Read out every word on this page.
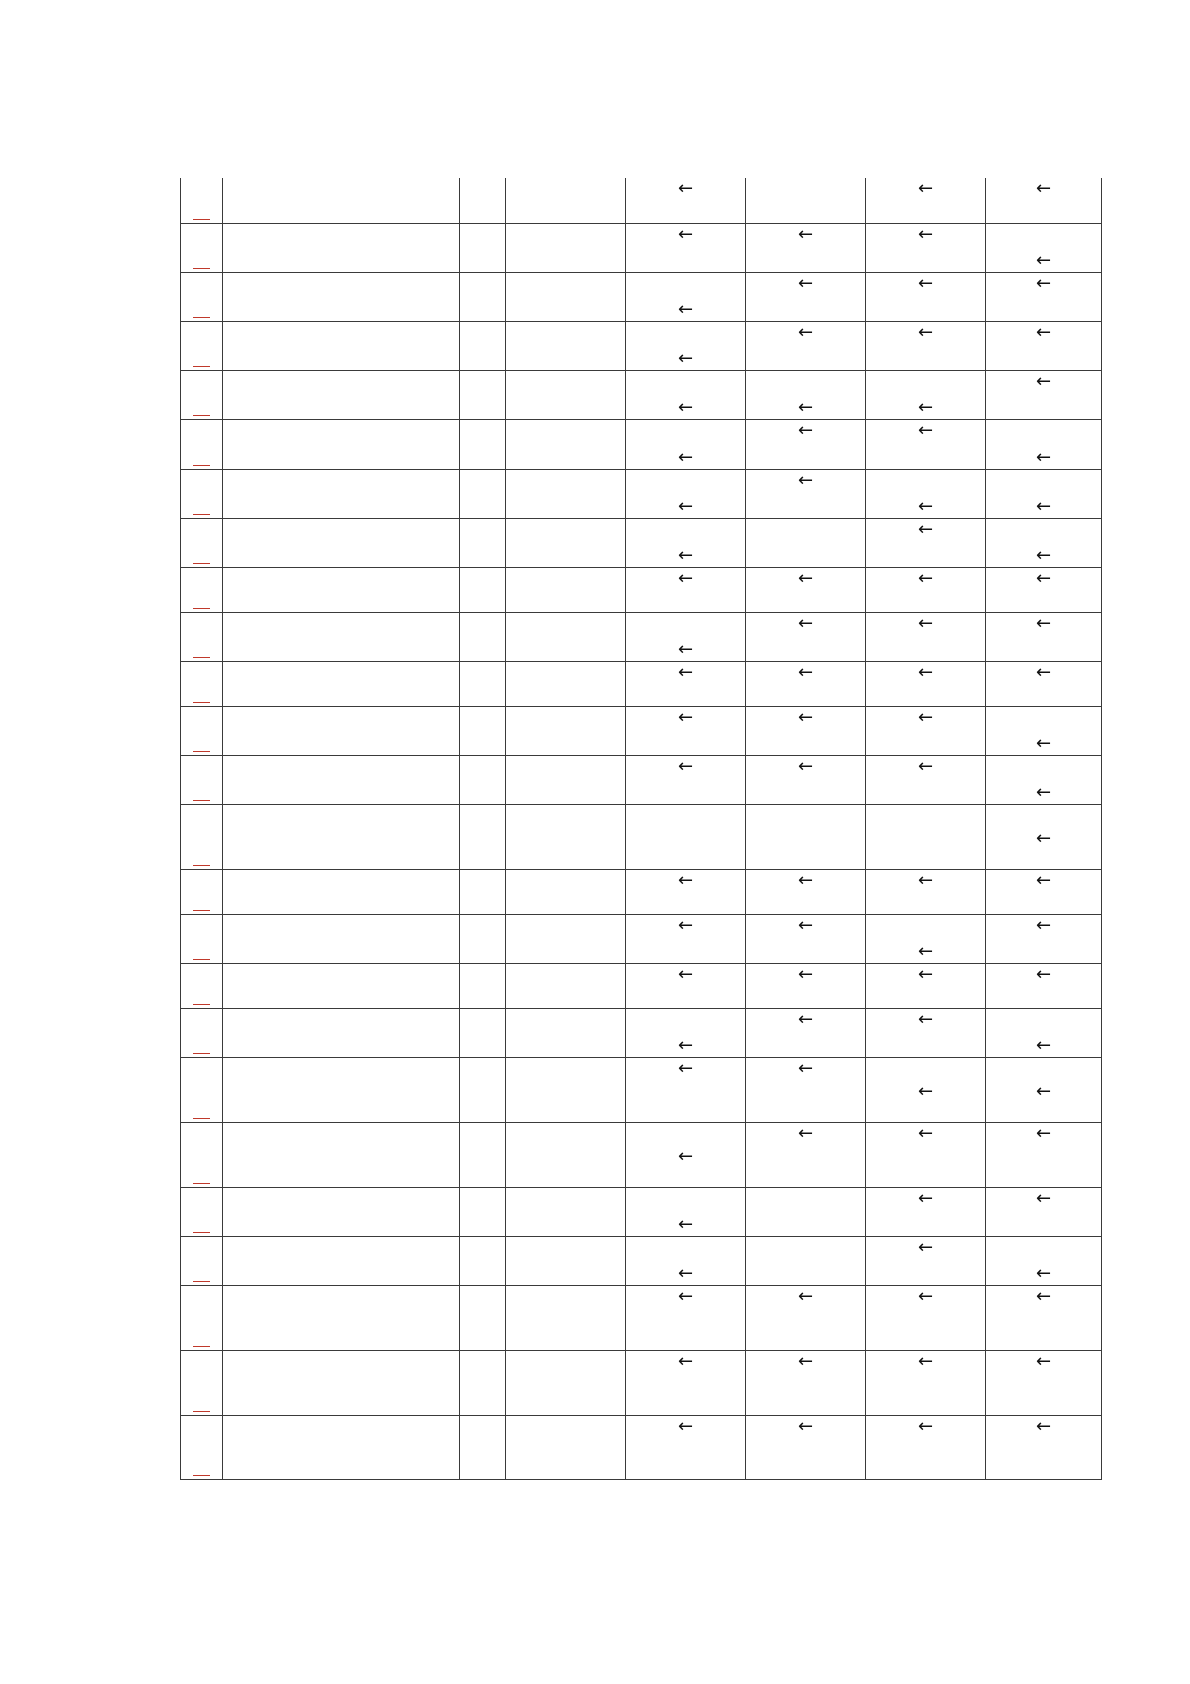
				←		←	←

				←	←	←	←

				←	←	←	←

				←	←	←	←

				←	←	←	←

				←	←	←	←

				←	←	←	←

				←		←	←

				←	←	←	←

				←	←	←	←

				←	←	←	←

				←	←	←	←

				←	←	←	←

							←

				←	←	←	←

				←	←	←	←

				←	←	←	←

				←	←	←	←

				←	←	←	←

				←	←	←	←

				←		←	←

				←		←	←

				←	←	←	←

				←	←	←	←

				←	←	←	←
